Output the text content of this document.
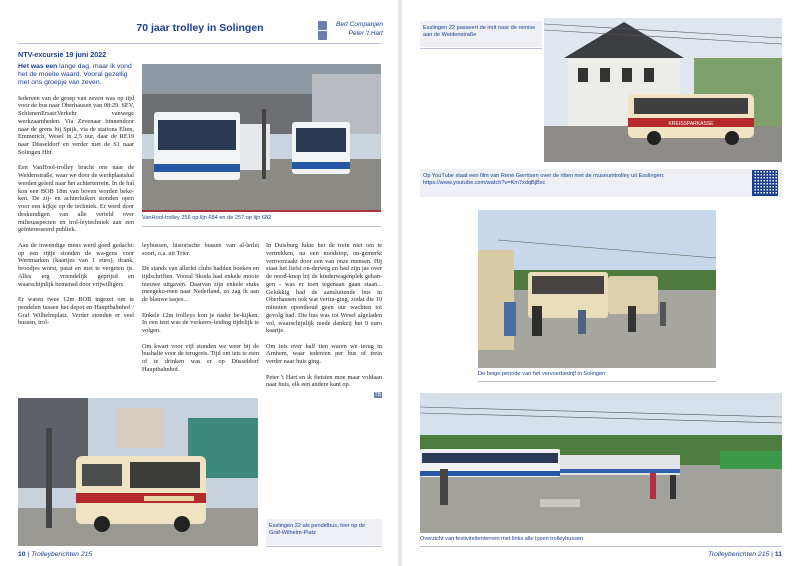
70 jaar trolley in Solingen	Bert Companjen
Peter 't Hart
NTV-excursie 19 juni 2022

Het was een lange dag, maar ik vond het de moeite waard. Vooral gezellig met ons groepje van zeven.

Iedereen van de groep van zeven was op tijd voor de bus naar Oberhausen van 08:29. SEV, SchienenErsatzVerkehr vanwege werkzaamheden. Via Zevenaar binnendoor naar de grens bij Spijk, via de stations Elten, Emmerich, Wesel in 2,5 uur, daar de RE19 naar Düsseldorf en verder met de S1 naar Solingen Hbf.

Een VanHool-trolley bracht ons naar de Weidenstraße, waar we door de werkplaatshal werden geleid naar het achterterrein. In de hal kon een BOB 18m van boven worden beke-ken. De zij- en achterluiken stonden open voor een kijkje op de techniek. Er werd door deskundigen van alle verteld over milieuaspecten en trol-leytechniek aan een geïnteresseerd publiek.

Aan de inwendige mens werd goed gedacht: op een rijtje stonden de wa-gens voor Wertmarken (kaartjes van 1 euro), drank, broodjes worst, patat en met te vergeten ijs. Alles erg vriendelijk geprijsd en waarschijnlijk bemensd door vrijwilligers.

Er waren twee 12m BOB ingezet om te pendelen tussen het depot en Hauptbahnhof / Graf Wilhelmplatz. Verder stonden er veel bussen, trol-

VanHool-trolley 256 op lijn 684 en de 257 op lijn 682

leybussen, historische bussen van al-lerlei soort, o.a. uit Trier.

De stands van allerlei clubs hadden boeken en tijdschriften. Vooral Skoda had enkele mooie nieuwe uitgaven. Daarvan zijn enkele stuks meegeko-men naar Nederland, zo zag ik aan de blauwe tasjes...

Enkele 12m trolleys kon je nader be-kijken. In een tent was de verkeers-leiding tijdelijk te volgen.

Om kwart voor vijf stonden we weer bij de bushalte voor de terugreis. Tijd om iets te eten of te drinken was er op Düsseldorf Hauptbahnhof.

In Duisburg lukte het de trein niet om te vertrekken, na een noodstop, on-gemerkt verroorzaakt door een van onze mensen. Hij staat het liefst on-derweg en had zijn jas over de nood-knop bij de kinderwagenplek gehan-gen - was er toen tegenaan gaan staan... Gelukkig had de aansluitende bus in Oberhausen ook wat vertra-ging, zodat die 10 minuten oponthoud geen uur wachten tot gevolg had. Die bus was tot Wesel algeladen vol, waarschijnlijk mede dankzij het 9 euro kaartje.

Om iets over half tien waren we terug in Arnhem, waar iedereen per bus of trein verder naar huis ging.

Peter 't Hart en ik fietsten moe maar voldaan naar huis, elk een andere kant op.

TB
Esslingen 22 als pendelbus, hier op de Graf-Wilhelm-Platz
10 | Trolleyberichten 215
Esslingen 22 passeert de inrit naar de remise aan de Weidenstraße
KREISSPARKASSE
Op YouTube staat een film van René Gerritsen over de ritten met de museumtrolley uit Esslingen: https://www.youtube.com/watch?v=Km7xdqBjBxc
De beige periode van het vervoerbedrijf in Solingen
Overzicht van festiviteitenterrein met links alle typen trolleybussen
Trolleyberichten 215 | 11
